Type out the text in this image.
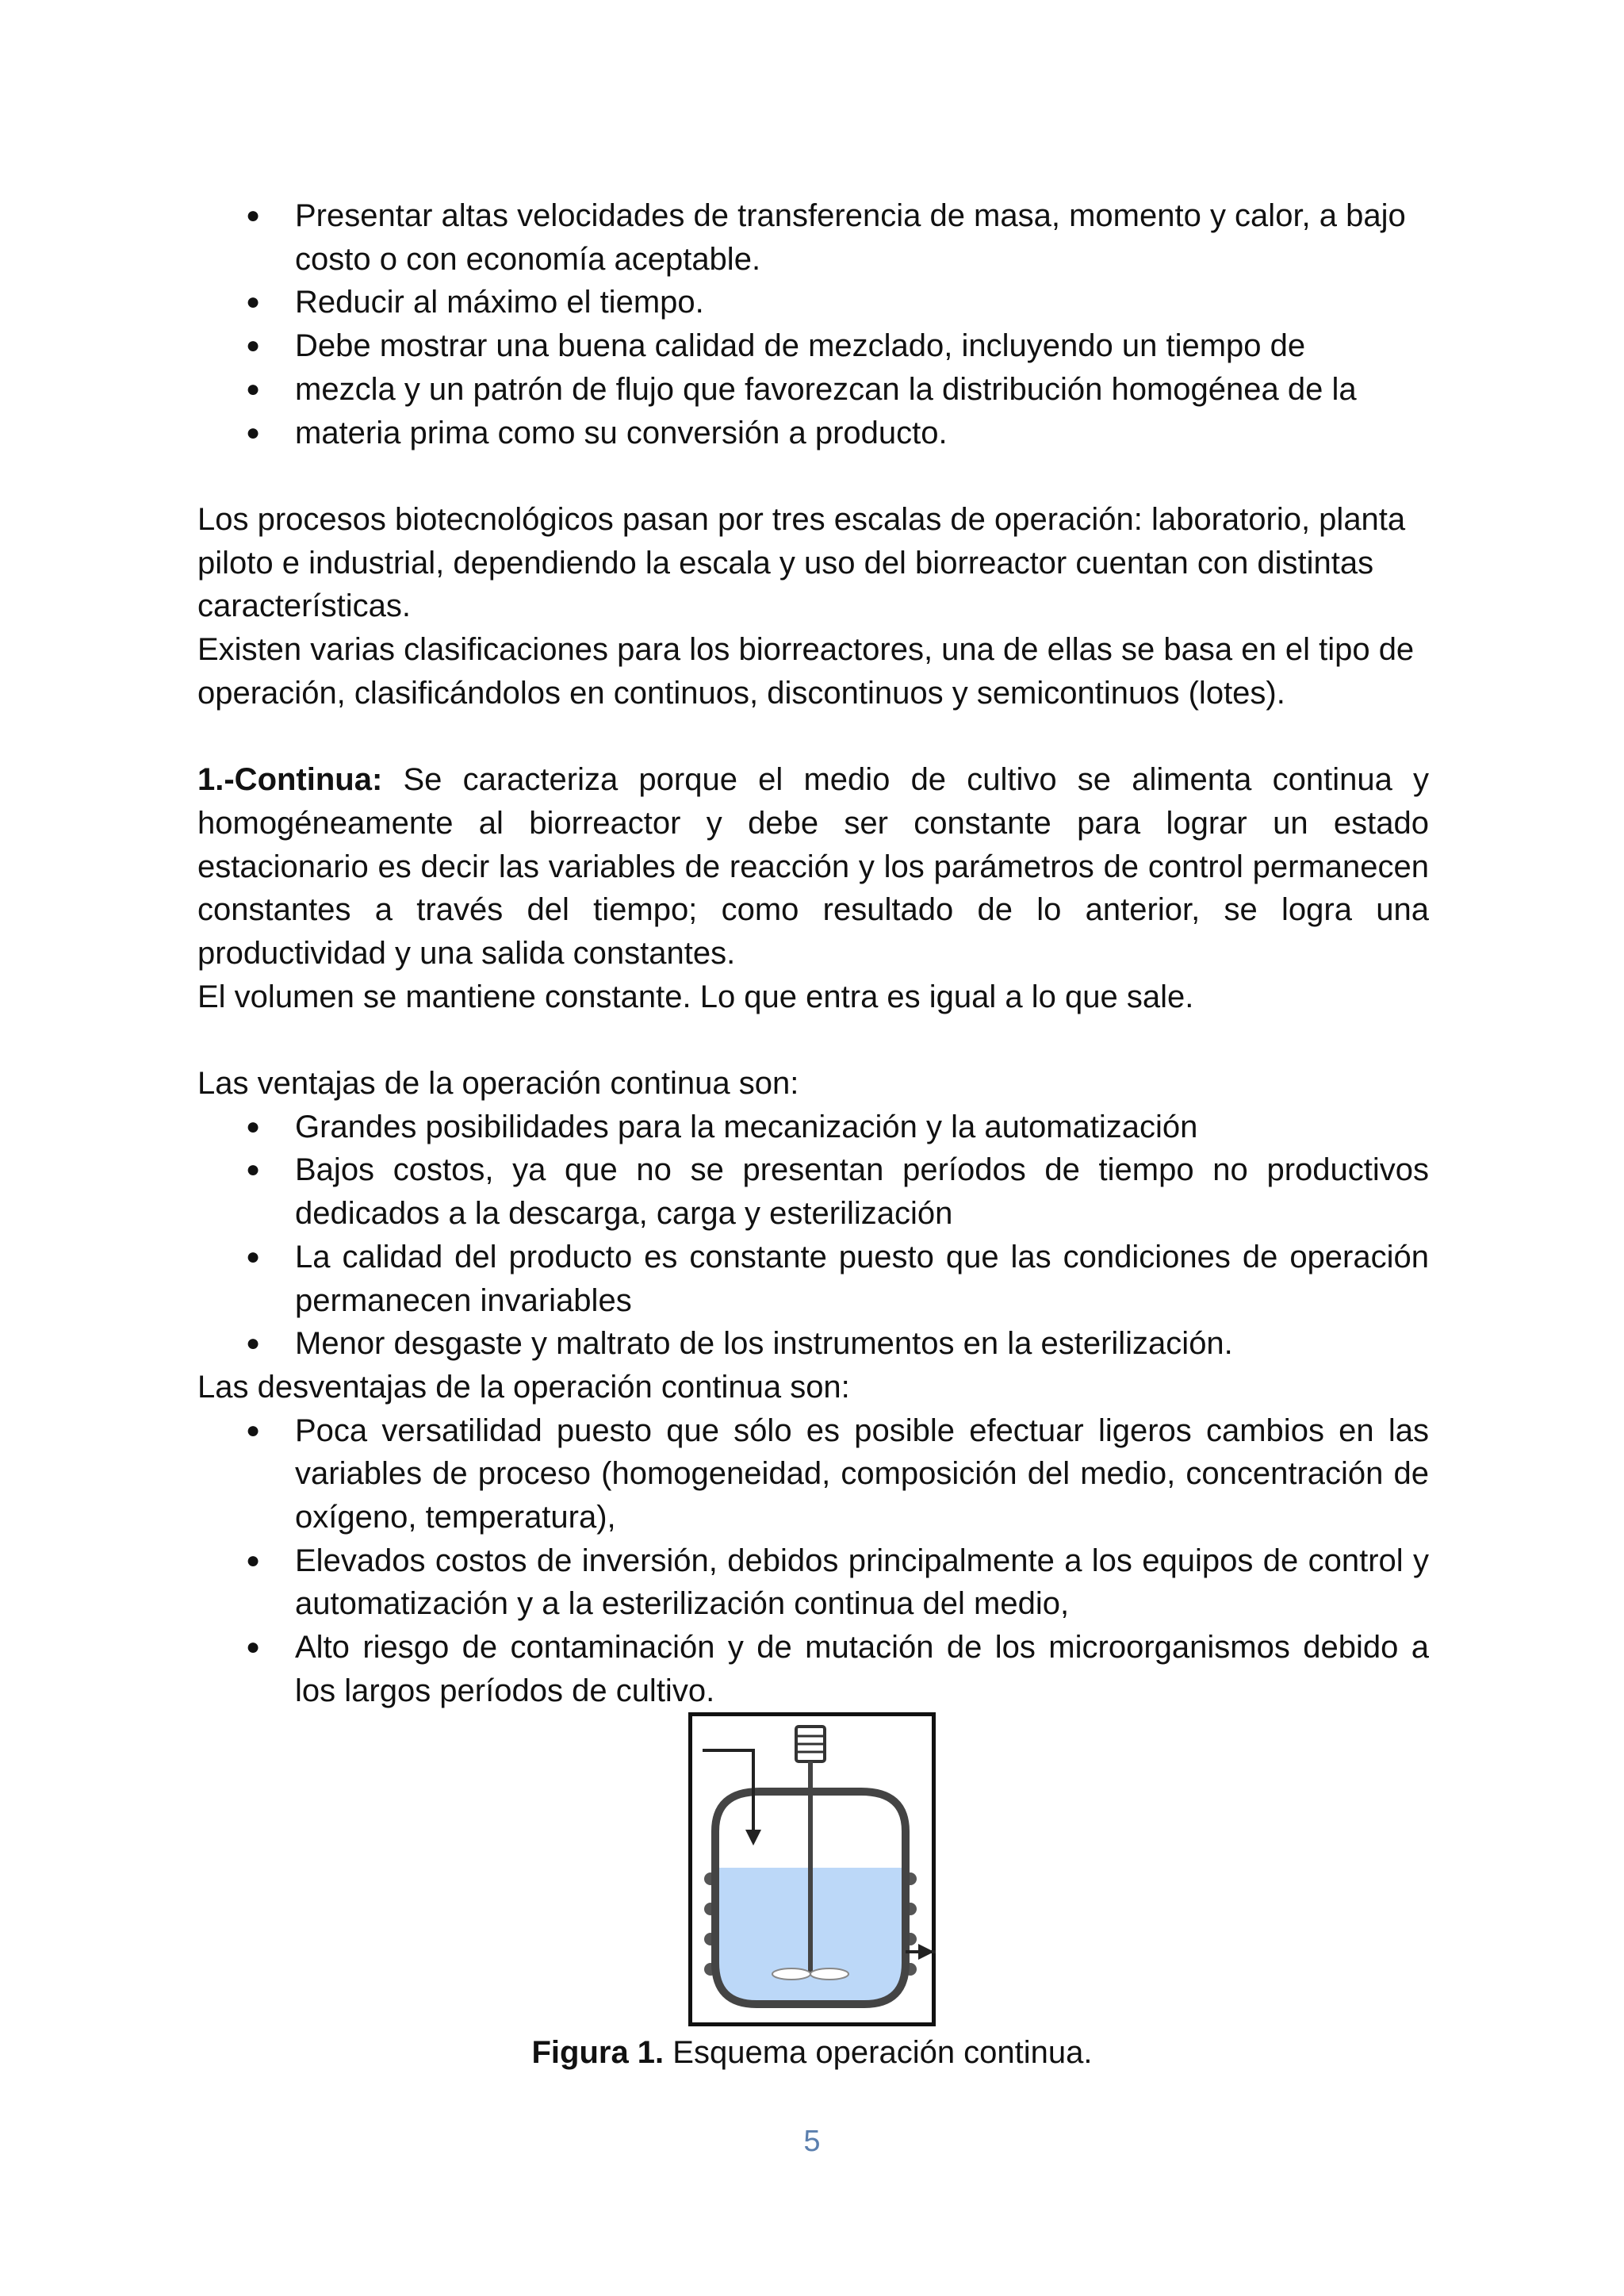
● Presentar altas velocidades de transferencia de masa, momento y calor, a bajo costo o con economía aceptable.
● Reducir al máximo el tiempo.
● Debe mostrar una buena calidad de mezclado, incluyendo un tiempo de
● mezcla y un patrón de flujo que favorezcan la distribución homogénea de la
● materia prima como su conversión a producto.

Los procesos biotecnológicos pasan por tres escalas de operación: laboratorio, planta piloto e industrial, dependiendo la escala y uso del biorreactor cuentan con distintas características.

Existen varias clasificaciones para los biorreactores, una de ellas se basa en el tipo de operación, clasificándolos en continuos, discontinuos y semicontinuos (lotes).

1.-Continua: Se caracteriza porque el medio de cultivo se alimenta continua y homogéneamente al biorreactor y debe ser constante para lograr un estado estacionario es decir las variables de reacción y los parámetros de control permanecen constantes a través del tiempo; como resultado de lo anterior, se logra una productividad y una salida constantes.

El volumen se mantiene constante. Lo que entra es igual a lo que sale.

Las ventajas de la operación continua son:

● Grandes posibilidades para la mecanización y la automatización
● Bajos costos, ya que no se presentan períodos de tiempo no productivos dedicados a la descarga, carga y esterilización
● La calidad del producto es constante puesto que las condiciones de operación permanecen invariables
● Menor desgaste y maltrato de los instrumentos en la esterilización.

Las desventajas de la operación continua son:

● Poca versatilidad puesto que sólo es posible efectuar ligeros cambios en las variables de proceso (homogeneidad, composición del medio, concentración de oxígeno, temperatura),
● Elevados costos de inversión, debidos principalmente a los equipos de control y automatización y a la esterilización continua del medio,
● Alto riesgo de contaminación y de mutación de los microorganismos debido a los largos períodos de cultivo.
Figura 1. Esquema operación continua.
5
